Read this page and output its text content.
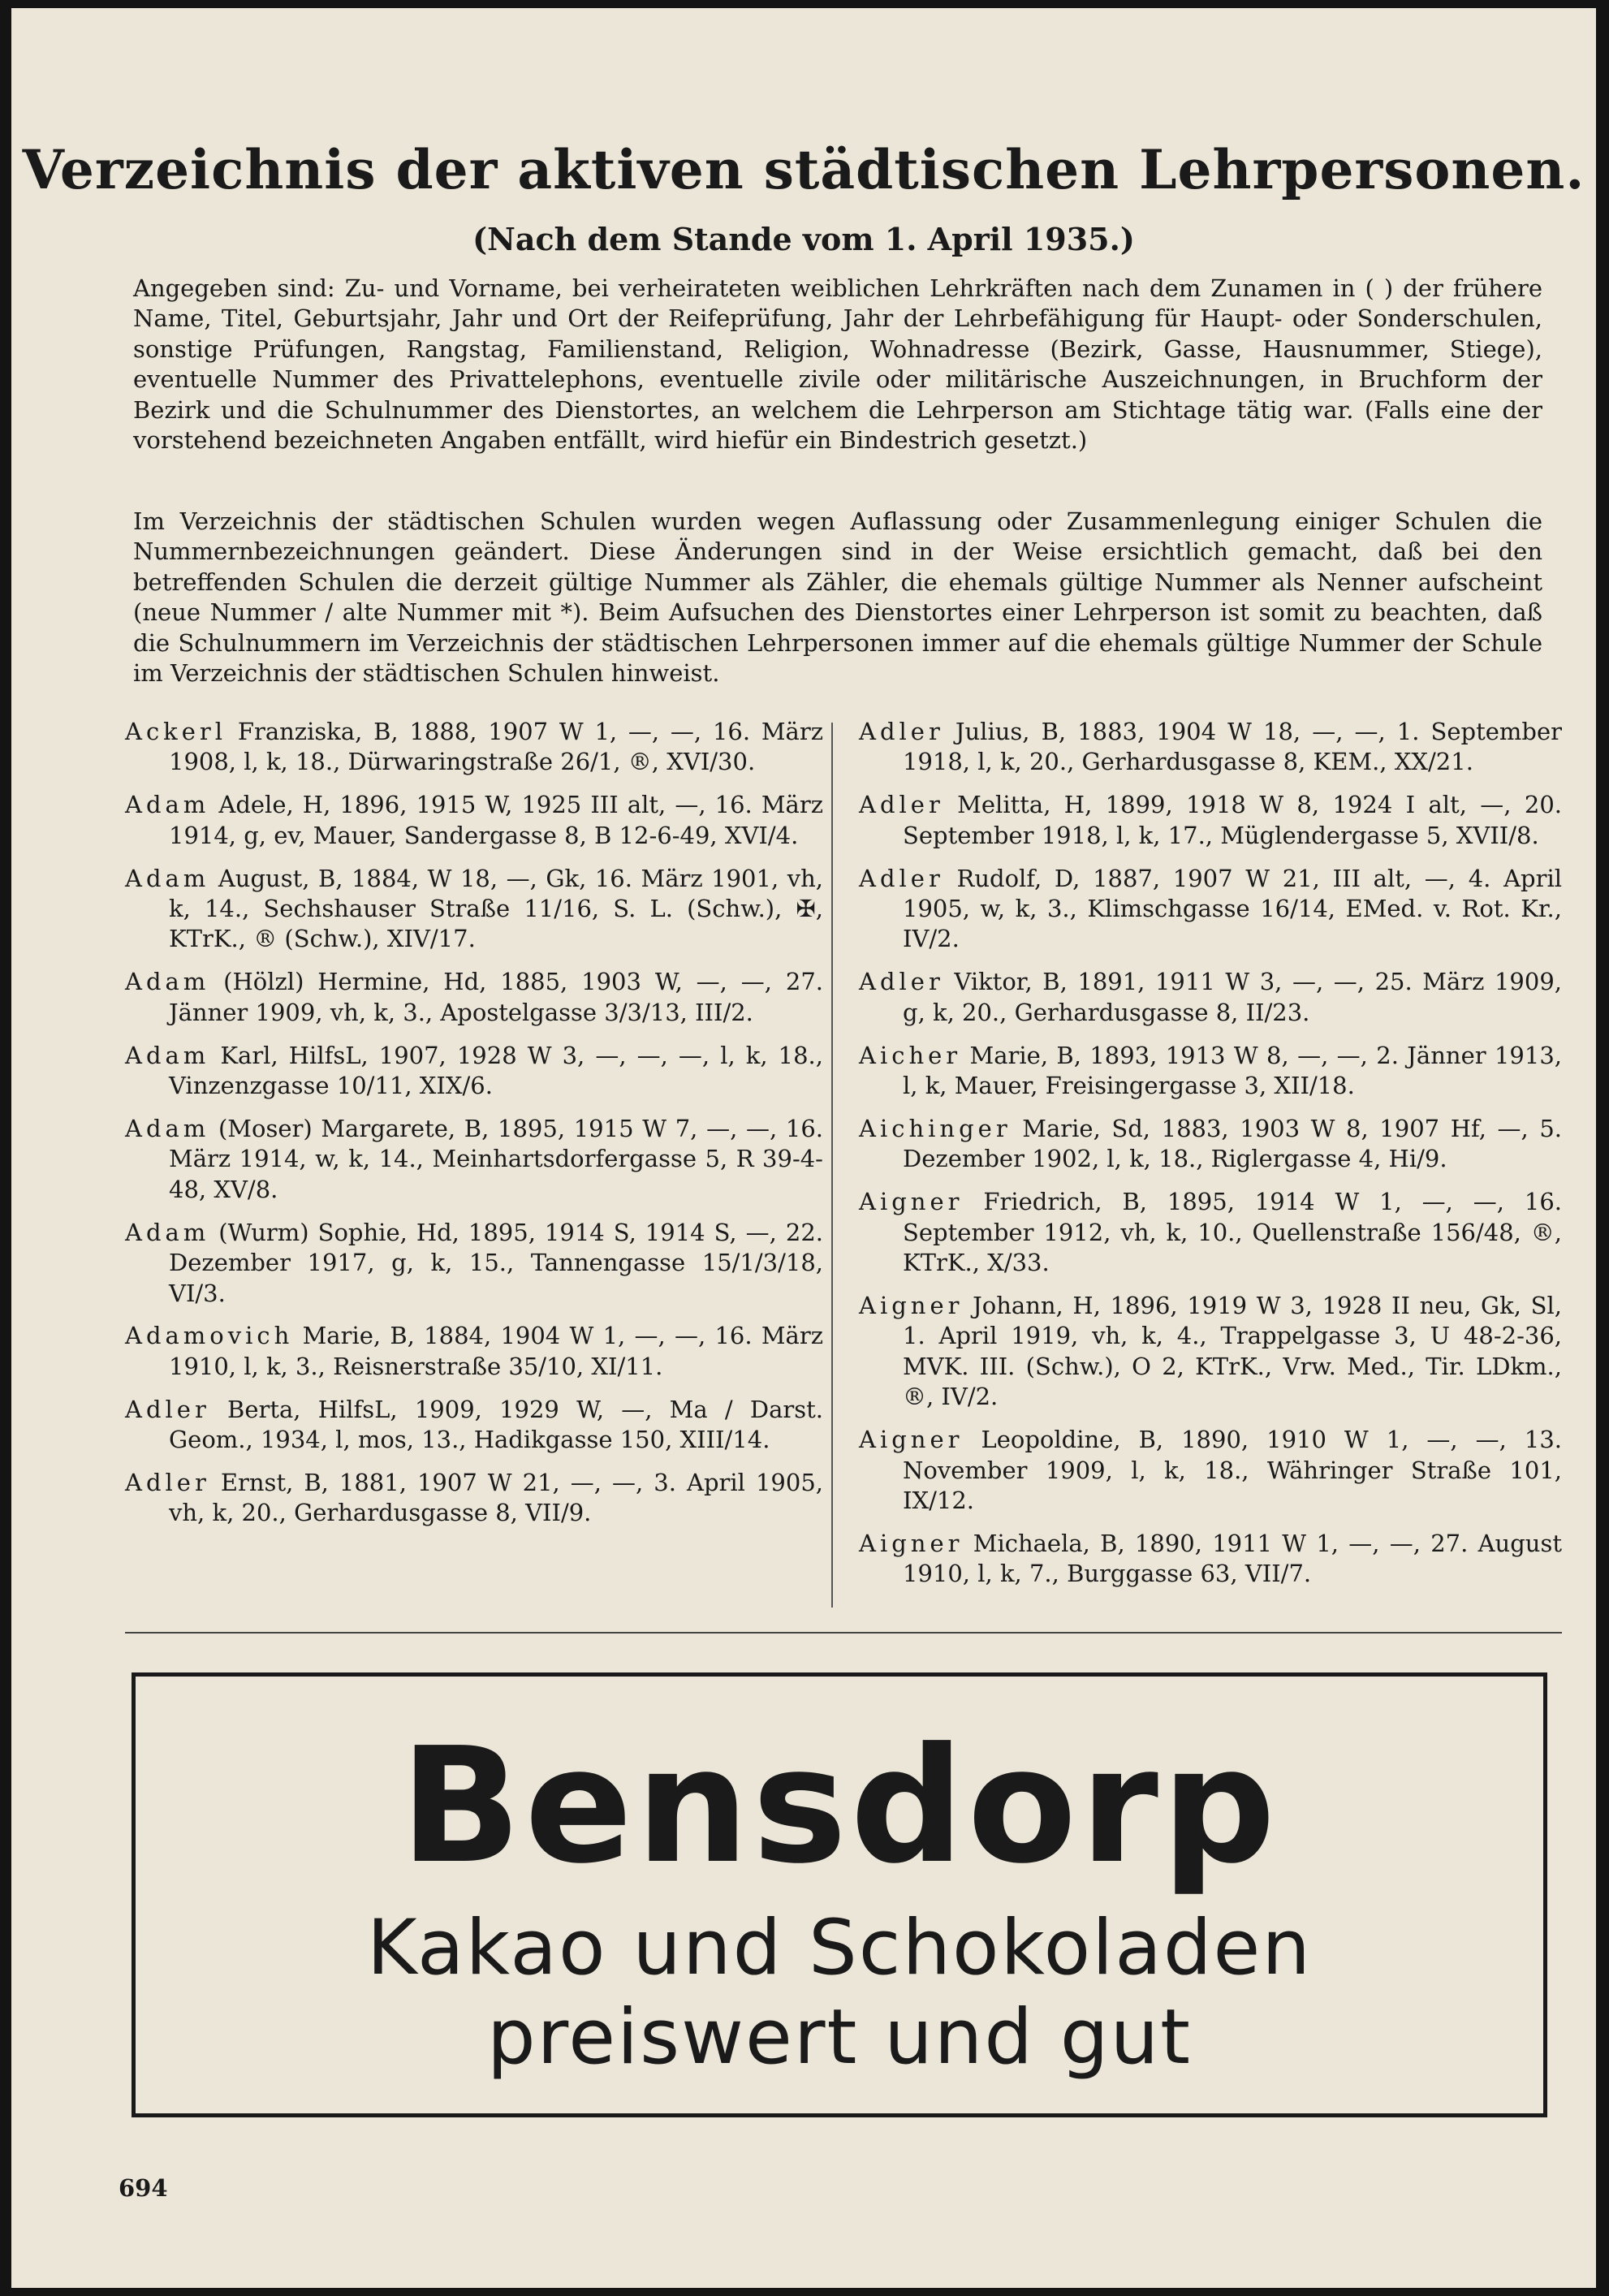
Verzeichnis der aktiven städtischen Lehrpersonen.
(Nach dem Stande vom 1. April 1935.)

Angegeben sind: Zu- und Vorname, bei verheirateten weiblichen Lehrkräften nach dem Zunamen in ( ) der frühere Name, Titel, Geburtsjahr, Jahr und Ort der Reifeprüfung, Jahr der Lehrbefähigung für Haupt- oder Sonderschulen, sonstige Prüfungen, Rangstag, Familienstand, Religion, Wohnadresse (Bezirk, Gasse, Hausnummer, Stiege), eventuelle Nummer des Privattelephons, eventuelle zivile oder militärische Auszeichnungen, in Bruchform der Bezirk und die Schulnummer des Dienstortes, an welchem die Lehrperson am Stichtage tätig war. (Falls eine der vorstehend bezeichneten Angaben entfällt, wird hiefür ein Bindestrich gesetzt.)

Im Verzeichnis der städtischen Schulen wurden wegen Auflassung oder Zusammenlegung einiger Schulen die Nummernbezeichnungen geändert. Diese Änderungen sind in der Weise ersichtlich gemacht, daß bei den betreffenden Schulen die derzeit gültige Nummer als Zähler, die ehemals gültige Nummer als Nenner aufscheint (neue Nummer / alte Nummer mit *). Beim Aufsuchen des Dienstortes einer Lehrperson ist somit zu beachten, daß die Schulnummern im Verzeichnis der städtischen Lehrpersonen immer auf die ehemals gültige Nummer der Schule im Verzeichnis der städtischen Schulen hinweist.

Ackerl Franziska, B, 1888, 1907 W 1, —, —, 16. März 1908, l, k, 18., Dürwaringstraße 26/1, ®, XVI/30.

Adam Adele, H, 1896, 1915 W, 1925 III alt, —, 16. März 1914, g, ev, Mauer, Sandergasse 8, B 12-6-49, XVI/4.

Adam August, B, 1884, W 18, —, Gk, 16. März 1901, vh, k, 14., Sechshauser Straße 11/16, S. L. (Schw.), ✠, KTrK., ® (Schw.), XIV/17.

Adam (Hölzl) Hermine, Hd, 1885, 1903 W, —, —, 27. Jänner 1909, vh, k, 3., Apostelgasse 3/3/13, III/2.

Adam Karl, HilfsL, 1907, 1928 W 3, —, —, —, l, k, 18., Vinzenzgasse 10/11, XIX/6.

Adam (Moser) Margarete, B, 1895, 1915 W 7, —, —, 16. März 1914, w, k, 14., Meinhartsdorfergasse 5, R 39-4-48, XV/8.

Adam (Wurm) Sophie, Hd, 1895, 1914 S, 1914 S, —, 22. Dezember 1917, g, k, 15., Tannengasse 15/1/3/18, VI/3.

Adamovich Marie, B, 1884, 1904 W 1, —, —, 16. März 1910, l, k, 3., Reisnerstraße 35/10, XI/11.

Adler Berta, HilfsL, 1909, 1929 W, —, Ma / Darst. Geom., 1934, l, mos, 13., Hadikgasse 150, XIII/14.

Adler Ernst, B, 1881, 1907 W 21, —, —, 3. April 1905, vh, k, 20., Gerhardusgasse 8, VII/9.

Adler Julius, B, 1883, 1904 W 18, —, —, 1. September 1918, l, k, 20., Gerhardusgasse 8, KEM., XX/21.

Adler Melitta, H, 1899, 1918 W 8, 1924 I alt, —, 20. September 1918, l, k, 17., Müglendergasse 5, XVII/8.

Adler Rudolf, D, 1887, 1907 W 21, III alt, —, 4. April 1905, w, k, 3., Klimschgasse 16/14, EMed. v. Rot. Kr., IV/2.

Adler Viktor, B, 1891, 1911 W 3, —, —, 25. März 1909, g, k, 20., Gerhardusgasse 8, II/23.

Aicher Marie, B, 1893, 1913 W 8, —, —, 2. Jänner 1913, l, k, Mauer, Freisingergasse 3, XII/18.

Aichinger Marie, Sd, 1883, 1903 W 8, 1907 Hf, —, 5. Dezember 1902, l, k, 18., Riglergasse 4, Hi/9.

Aigner Friedrich, B, 1895, 1914 W 1, —, —, 16. September 1912, vh, k, 10., Quellenstraße 156/48, ®, KTrK., X/33.

Aigner Johann, H, 1896, 1919 W 3, 1928 II neu, Gk, Sl, 1. April 1919, vh, k, 4., Trappelgasse 3, U 48-2-36, MVK. III. (Schw.), O 2, KTrK., Vrw. Med., Tir. LDkm., ®, IV/2.

Aigner Leopoldine, B, 1890, 1910 W 1, —, —, 13. November 1909, l, k, 18., Währinger Straße 101, IX/12.

Aigner Michaela, B, 1890, 1911 W 1, —, —, 27. August 1910, l, k, 7., Burggasse 63, VII/7.

Bensdorp
Kakao und Schokoladen
preiswert und gut
694
